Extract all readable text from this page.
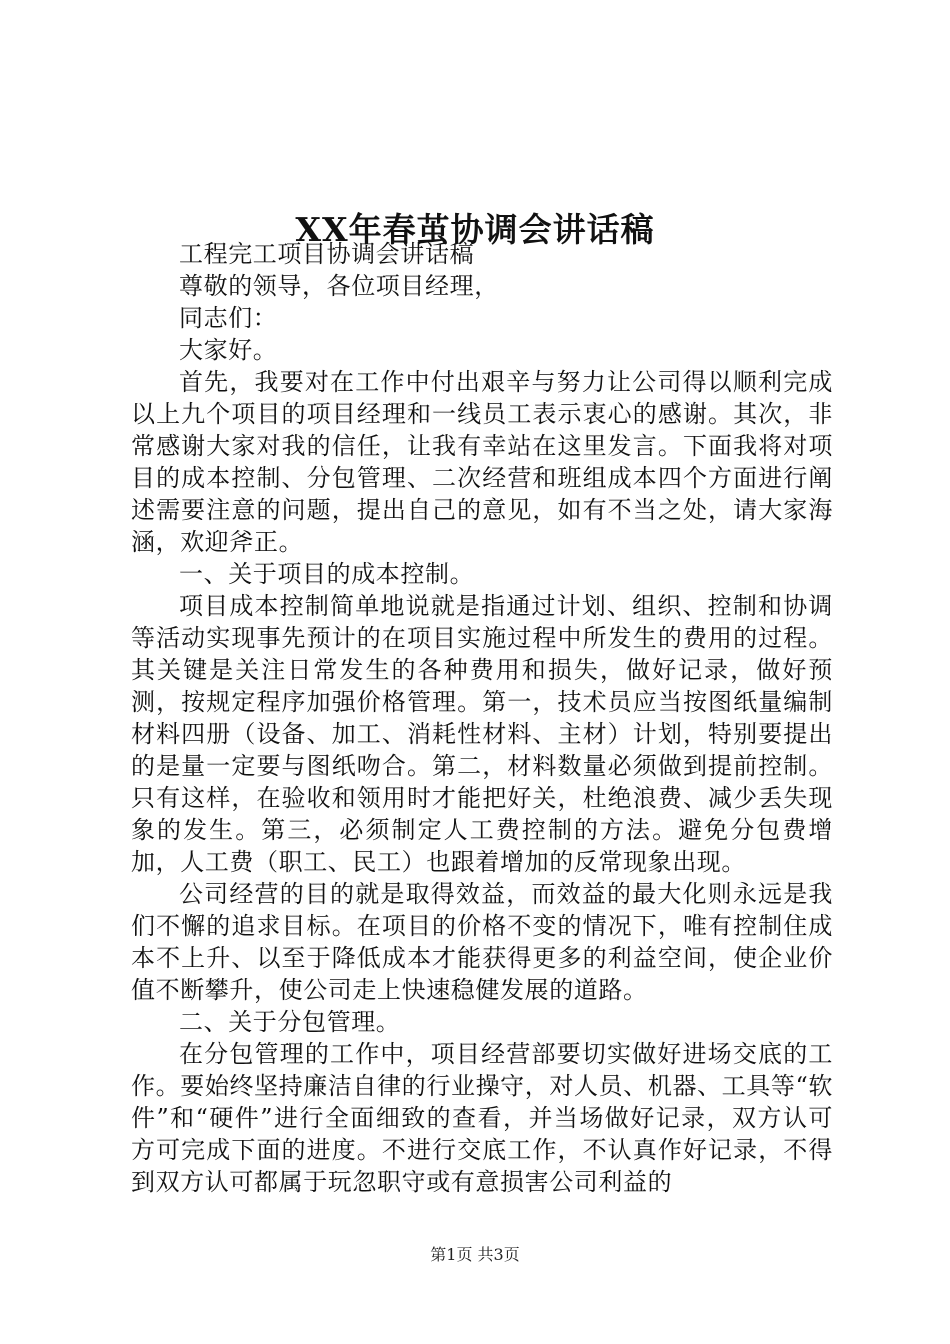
XX年春茧协调会讲话稿

工程完工项目协调会讲话稿

尊敬的领导，各位项目经理，

同志们：

大家好。

首先，我要对在工作中付出艰辛与努力让公司得以顺利完成以上九个项目的项目经理和一线员工表示衷心的感谢。其次，非常感谢大家对我的信任，让我有幸站在这里发言。下面我将对项目的成本控制、分包管理、二次经营和班组成本四个方面进行阐述需要注意的问题，提出自己的意见，如有不当之处，请大家海涵，欢迎斧正。

一、关于项目的成本控制。

项目成本控制简单地说就是指通过计划、组织、控制和协调等活动实现事先预计的在项目实施过程中所发生的费用的过程。其关键是关注日常发生的各种费用和损失，做好记录，做好预测，按规定程序加强价格管理。第一，技术员应当按图纸量编制材料四册（设备、加工、消耗性材料、主材）计划，特别要提出的是量一定要与图纸吻合。第二，材料数量必须做到提前控制。只有这样，在验收和领用时才能把好关，杜绝浪费、减少丢失现象的发生。第三，必须制定人工费控制的方法。避免分包费增加，人工费（职工、民工）也跟着增加的反常现象出现。

公司经营的目的就是取得效益，而效益的最大化则永远是我们不懈的追求目标。在项目的价格不变的情况下，唯有控制住成本不上升、以至于降低成本才能获得更多的利益空间，使企业价值不断攀升，使公司走上快速稳健发展的道路。

二、关于分包管理。

在分包管理的工作中，项目经营部要切实做好进场交底的工作。要始终坚持廉洁自律的行业操守，对人员、机器、工具等“软件”和“硬件”进行全面细致的查看，并当场做好记录，双方认可方可完成下面的进度。不进行交底工作，不认真作好记录，不得到双方认可都属于玩忽职守或有意损害公司利益的

第1页 共3页
